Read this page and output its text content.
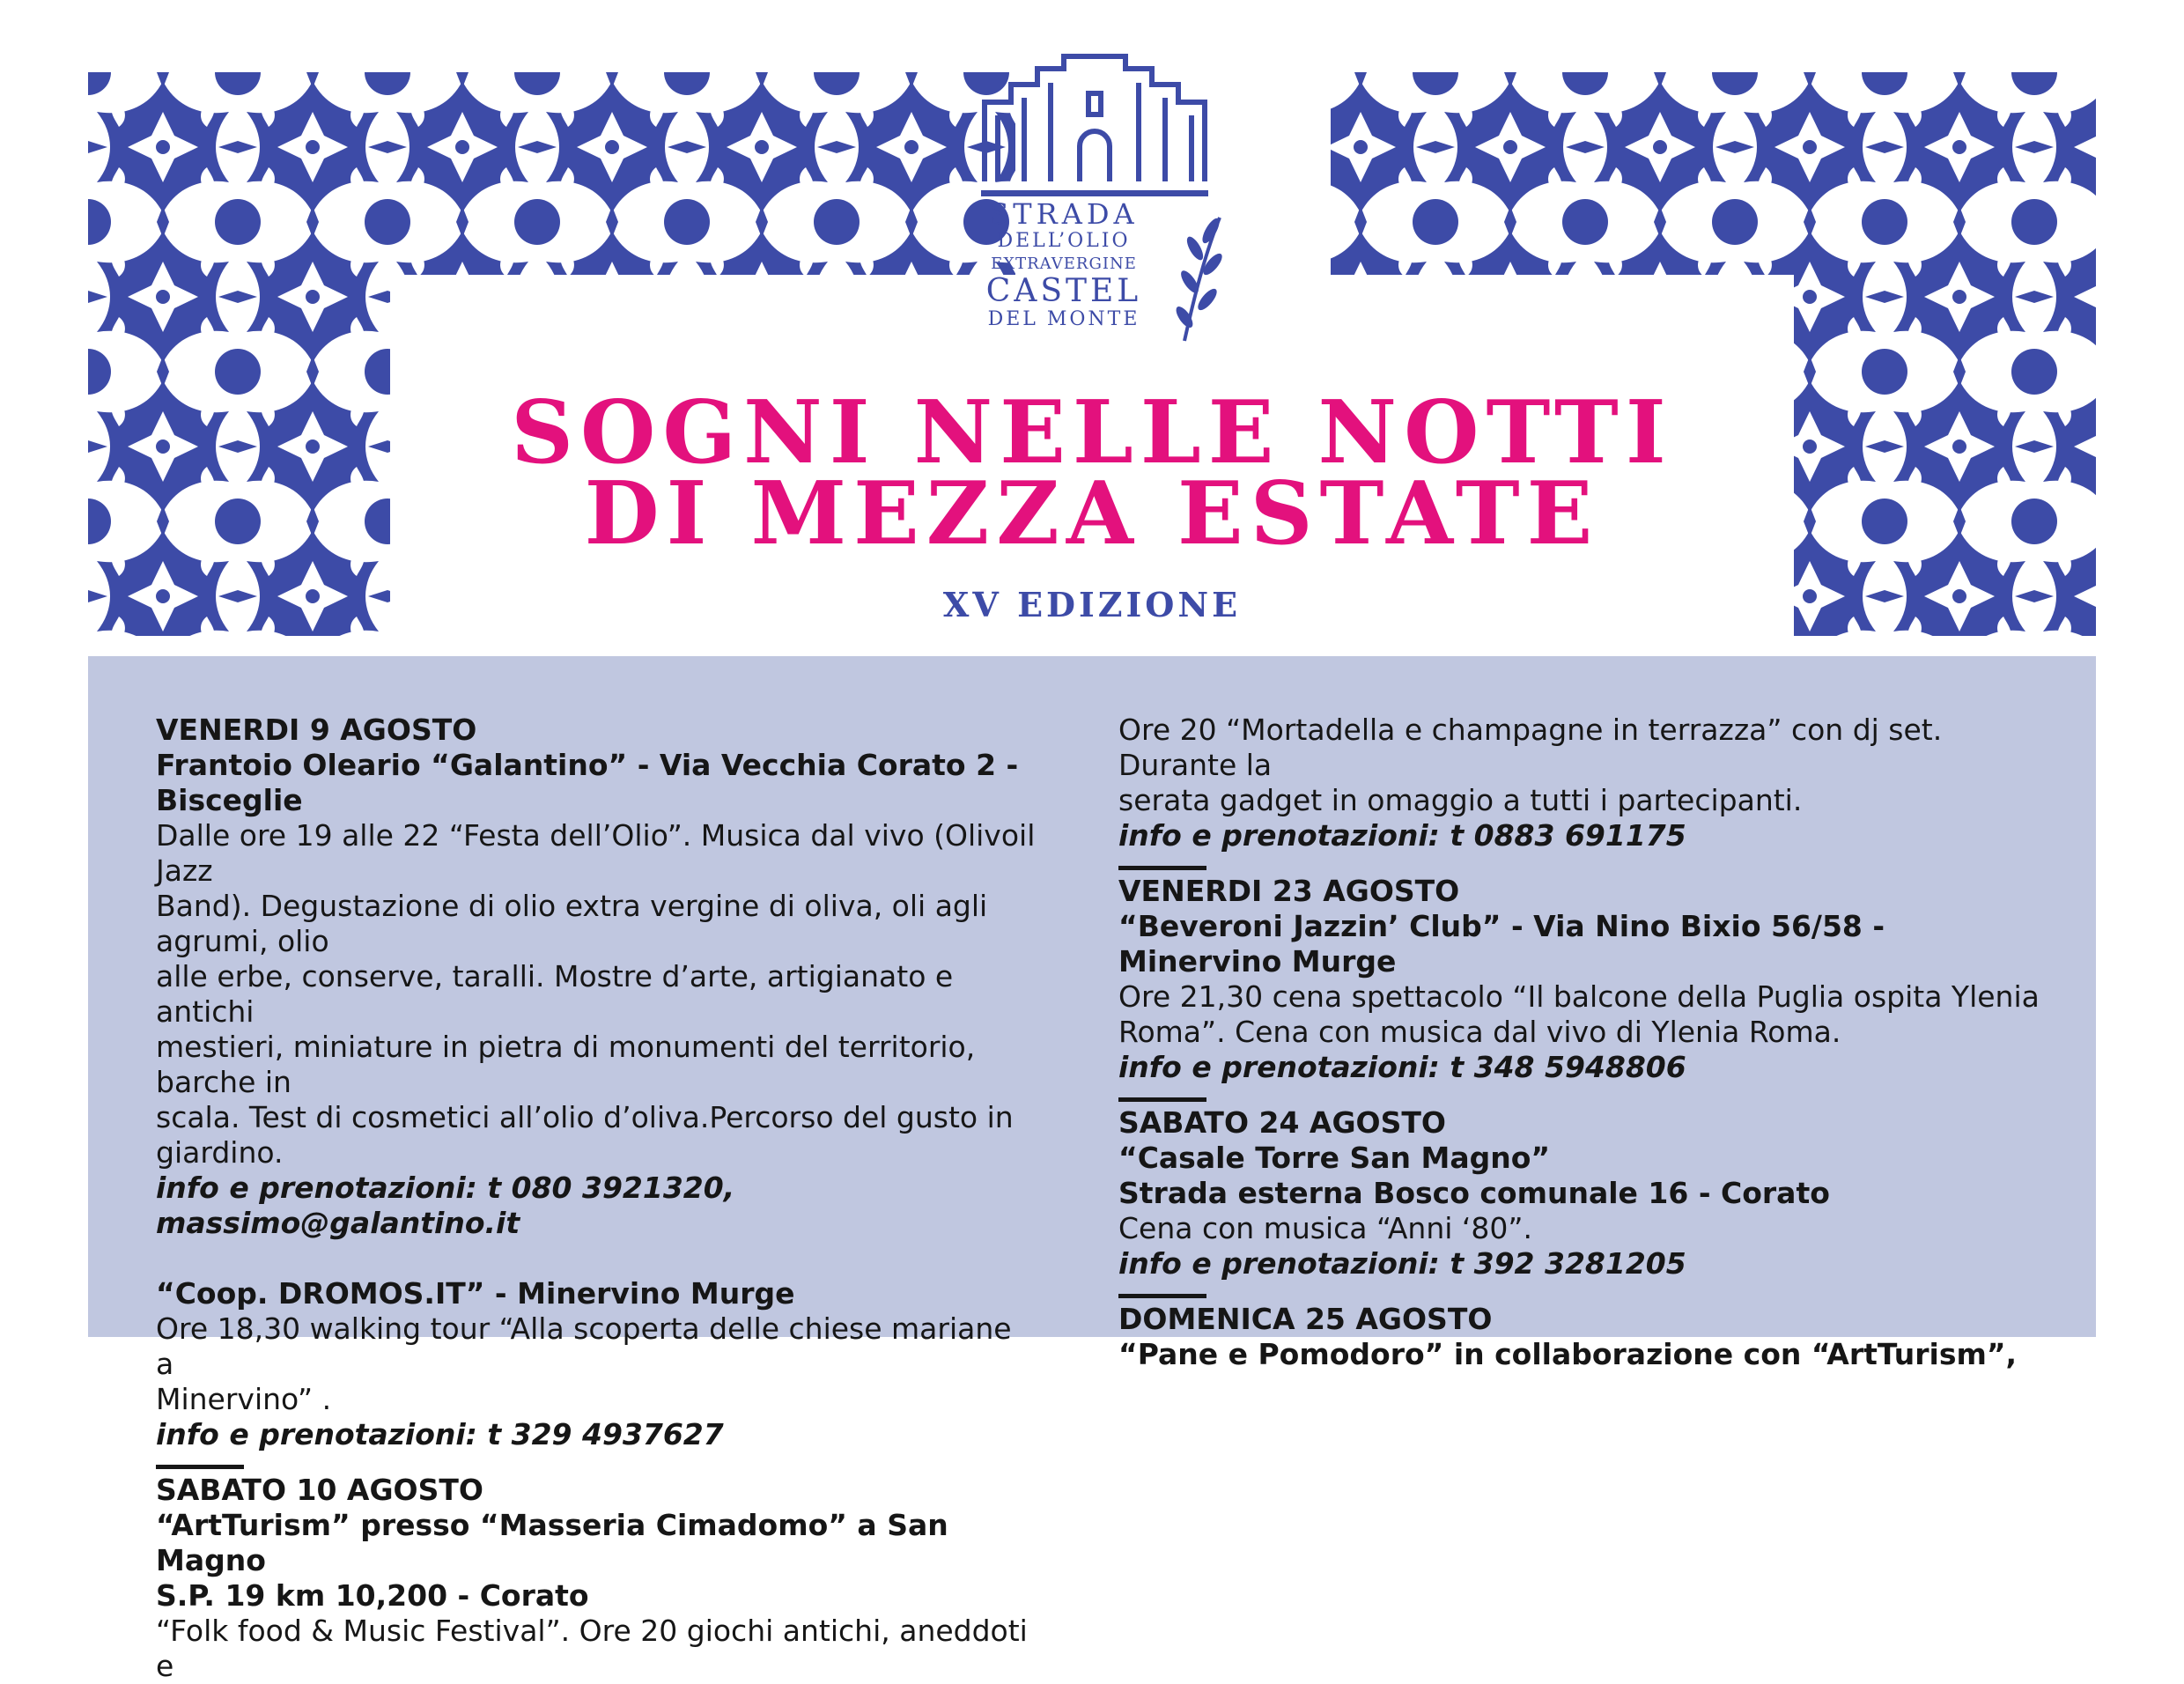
STRADA
DELL’OLIO
EXTRAVERGINE
CASTEL
DEL MONTE
SOGNI NELLE NOTTI
DI MEZZA ESTATE
XV EDIZIONE

VENERDI 9 AGOSTO

Frantoio Oleario “Galantino” - Via Vecchia Corato 2 - Bisceglie

Dalle ore 19 alle 22 “Festa dell’Olio”. Musica dal vivo (Olivoil Jazz

Band). Degustazione di olio extra vergine di oliva, oli agli agrumi, olio

alle erbe, conserve, taralli. Mostre d’arte, artigianato e antichi

mestieri, miniature in pietra di monumenti del territorio, barche in

scala. Test di cosmetici all’olio d’oliva.Percorso del gusto in giardino.

info e prenotazioni: t 080 3921320, massimo@galantino.it

“Coop. DROMOS.IT” - Minervino Murge

Ore 18,30 walking tour “Alla scoperta delle chiese mariane a

Minervino” .

info e prenotazioni: t 329 4937627

SABATO 10 AGOSTO

“ArtTurism” presso “Masseria Cimadomo” a San Magno

S.P. 19 km 10,200 - Corato

“Folk food & Music Festival”. Ore 20 giochi antichi, aneddoti e

Ore 20 “Mortadella e champagne in terrazza” con dj set. Durante la

serata gadget in omaggio a tutti i partecipanti.

info e prenotazioni: t 0883 691175

VENERDI 23 AGOSTO

“Beveroni Jazzin’ Club” - Via Nino Bixio 56/58 - Minervino Murge

Ore 21,30 cena spettacolo “Il balcone della Puglia ospita Ylenia

Roma”. Cena con musica dal vivo di Ylenia Roma.

info e prenotazioni: t 348 5948806

SABATO 24 AGOSTO

“Casale Torre San Magno”

Strada esterna Bosco comunale 16 - Corato

Cena con musica “Anni ‘80”.

info e prenotazioni: t 392 3281205

DOMENICA 25 AGOSTO

“Pane e Pomodoro” in collaborazione con “ArtTurism”,
